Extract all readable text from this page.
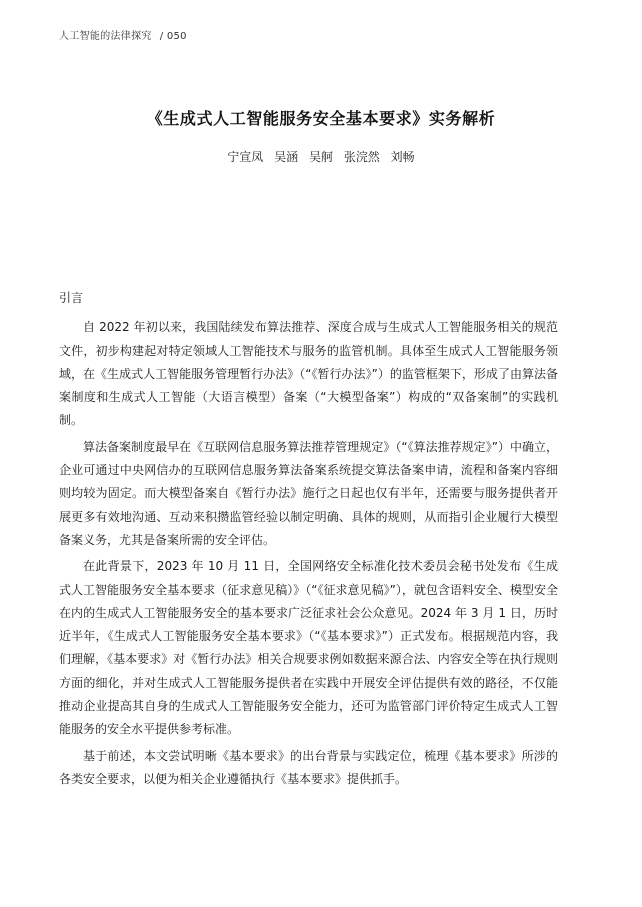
人工智能的法律探究 / 050
《生成式人工智能服务安全基本要求》实务解析
宁宣凤 吴涵 吴舸 张浣然 刘畅
引言

自 2022 年初以来，我国陆续发布算法推荐、深度合成与生成式人工智能服务相关的规范文件，初步构建起对特定领域人工智能技术与服务的监管机制。具体至生成式人工智能服务领域，在《生成式人工智能服务管理暂行办法》（“《暂行办法》”）的监管框架下，形成了由算法备案制度和生成式人工智能（大语言模型）备案（“大模型备案”）构成的“双备案制”的实践机制。

算法备案制度最早在《互联网信息服务算法推荐管理规定》（“《算法推荐规定》”）中确立，企业可通过中央网信办的互联网信息服务算法备案系统提交算法备案申请，流程和备案内容细则均较为固定。而大模型备案自《暂行办法》施行之日起也仅有半年，还需要与服务提供者开展更多有效地沟通、互动来积攒监管经验以制定明确、具体的规则，从而指引企业履行大模型备案义务，尤其是备案所需的安全评估。

在此背景下，2023 年 10 月 11 日，全国网络安全标准化技术委员会秘书处发布《生成式人工智能服务安全基本要求（征求意见稿）》（“《征求意见稿》”），就包含语料安全、模型安全在内的生成式人工智能服务安全的基本要求广泛征求社会公众意见。2024 年 3 月 1 日，历时近半年，《生成式人工智能服务安全基本要求》（“《基本要求》”）正式发布。根据规范内容，我们理解，《基本要求》对《暂行办法》相关合规要求例如数据来源合法、内容安全等在执行规则方面的细化，并对生成式人工智能服务提供者在实践中开展安全评估提供有效的路径，不仅能推动企业提高其自身的生成式人工智能服务安全能力，还可为监管部门评价特定生成式人工智能服务的安全水平提供参考标准。

基于前述，本文尝试明晰《基本要求》的出台背景与实践定位，梳理《基本要求》所涉的各类安全要求，以便为相关企业遵循执行《基本要求》提供抓手。
